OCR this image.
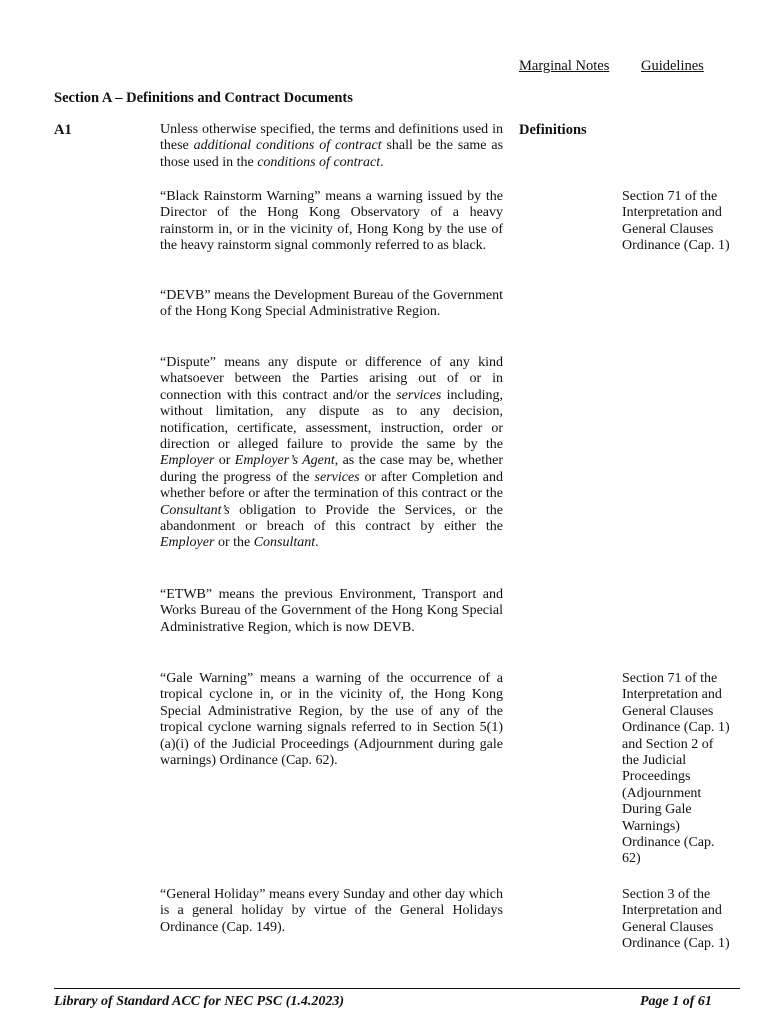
Marginal Notes Guidelines
Section A – Definitions and Contract Documents
A1	Definitions
Unless otherwise specified, the terms and definitions used in these additional conditions of contract shall be the same as those used in the conditions of contract.
“Black Rainstorm Warning” means a warning issued by the Director of the Hong Kong Observatory of a heavy rainstorm in, or in the vicinity of, Hong Kong by the use of the heavy rainstorm signal commonly referred to as black.
“DEVB” means the Development Bureau of the Government of the Hong Kong Special Administrative Region.
“Dispute” means any dispute or difference of any kind whatsoever between the Parties arising out of or in connection with this contract and/or the services including, without limitation, any dispute as to any decision, notification, certificate, assessment, instruction, order or direction or alleged failure to provide the same by the Employer or Employer’s Agent, as the case may be, whether during the progress of the services or after Completion and whether before or after the termination of this contract or the Consultant’s obligation to Provide the Services, or the abandonment or breach of this contract by either the Employer or the Consultant.
“ETWB” means the previous Environment, Transport and Works Bureau of the Government of the Hong Kong Special Administrative Region, which is now DEVB.
“Gale Warning” means a warning of the occurrence of a tropical cyclone in, or in the vicinity of, the Hong Kong Special Administrative Region, by the use of any of the tropical cyclone warning signals referred to in Section 5(1)(a)(i) of the Judicial Proceedings (Adjournment during gale warnings) Ordinance (Cap. 62).
“General Holiday” means every Sunday and other day which is a general holiday by virtue of the General Holidays Ordinance (Cap. 149).
Section 71 of the
Interpretation and
General Clauses
Ordinance (Cap. 1)
Section 71 of the
Interpretation and
General Clauses
Ordinance (Cap. 1)
and Section 2 of
the Judicial
Proceedings
(Adjournment
During Gale
Warnings)
Ordinance (Cap.
62)
Section 3 of the
Interpretation and
General Clauses
Ordinance (Cap. 1)
Library of Standard ACC for NEC PSC (1.4.2023)	Page 1 of 61
